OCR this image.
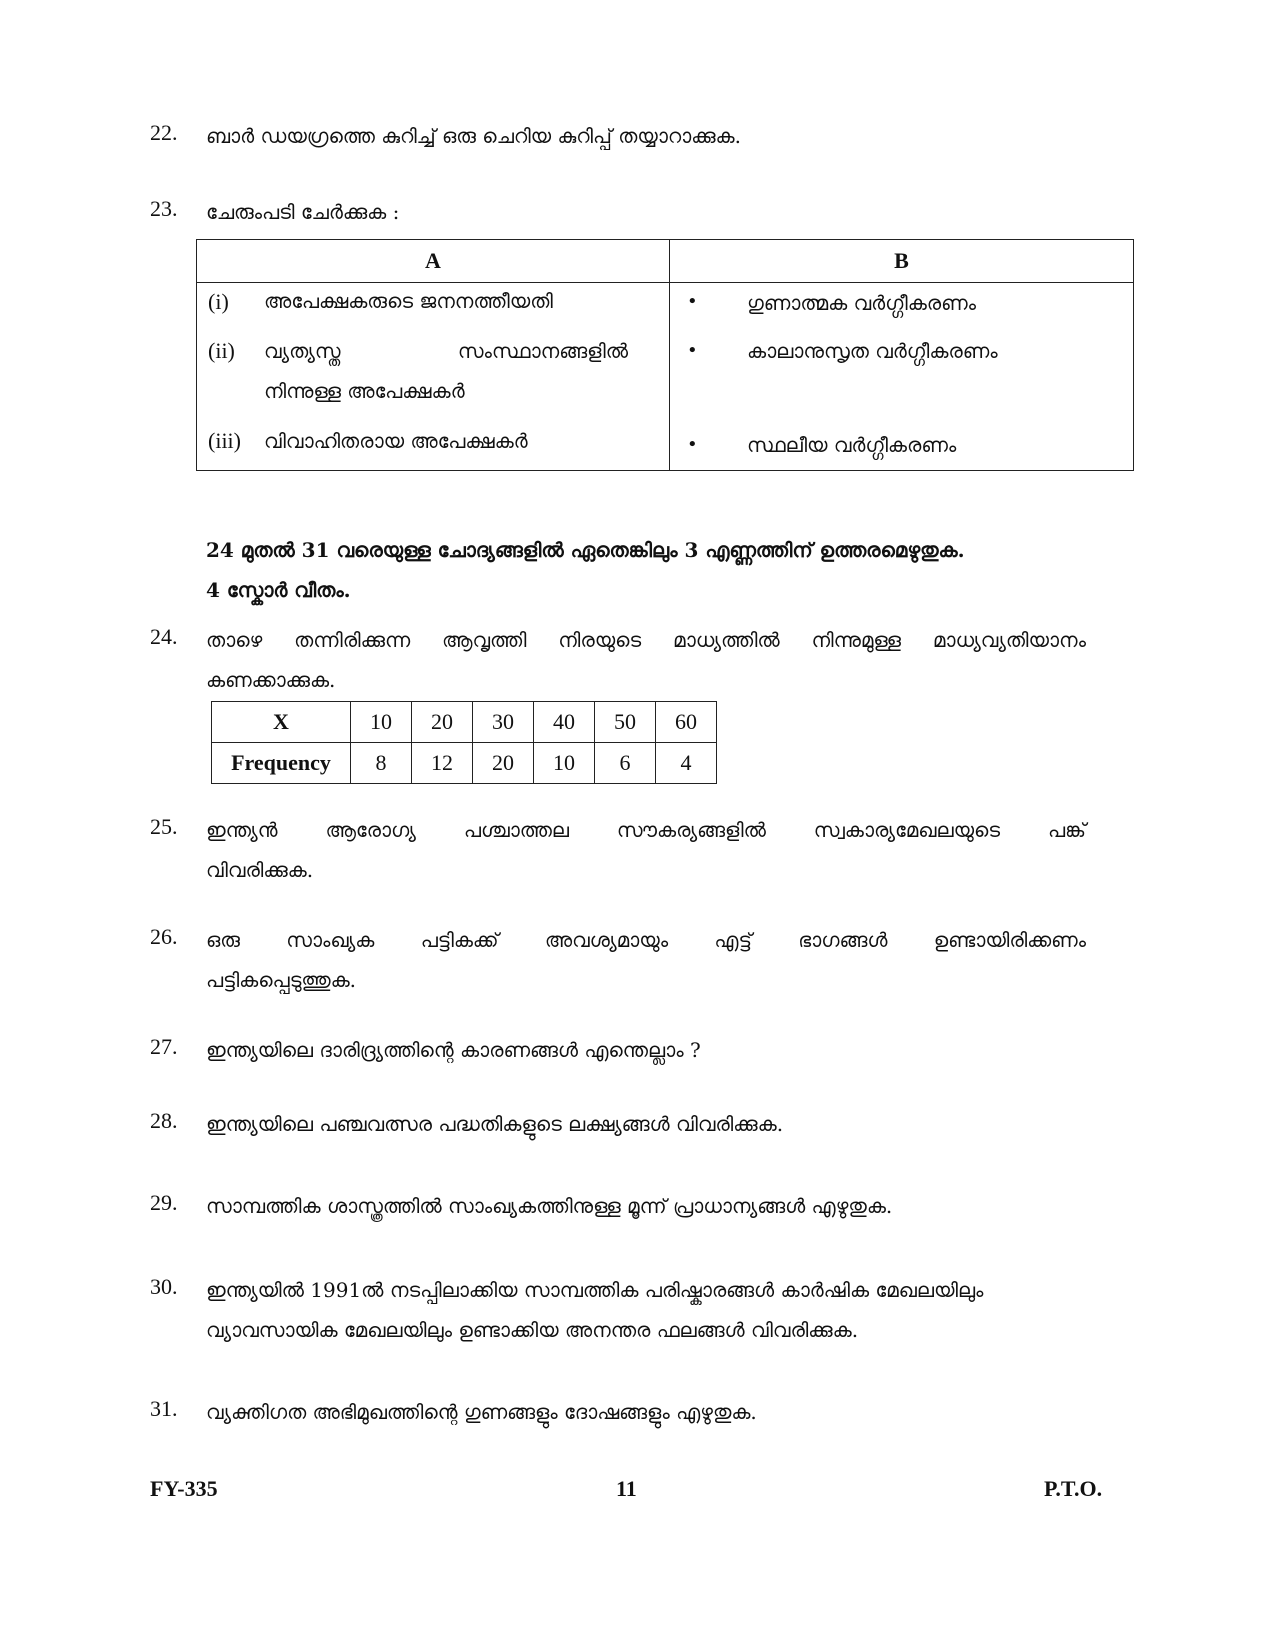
22. ബാർ ഡയഗ്രത്തെ കുറിച്ച് ഒരു ചെറിയ കുറിപ്പ് തയ്യാറാക്കുക.
23. ചേരുംപടി ചേർക്കുക :
A	B

(i) അപേക്ഷകരുടെ ജനനത്തീയതി	• ഗുണാത്മക വർഗ്ഗീകരണം

(ii) വ്യത്യസ്ത സംസ്ഥാനങ്ങളിൽ
നിന്നുള്ള അപേക്ഷകർ	• കാലാനുസൃത വർഗ്ഗീകരണം

(iii) വിവാഹിതരായ അപേക്ഷകർ	• സ്ഥലീയ വർഗ്ഗീകരണം
24 മുതൽ 31 വരെയുള്ള ചോദ്യങ്ങളിൽ ഏതെങ്കിലും 3 എണ്ണത്തിന് ഉത്തരമെഴുതുക.
4 സ്കോർ വീതം.
24. താഴെ തന്നിരിക്കുന്ന ആവൃത്തി നിരയുടെ മാധ്യത്തിൽ നിന്നുമുള്ള മാധ്യവ്യതിയാനം
കണക്കാക്കുക.
X	10	20	30	40	50	60
Frequency	8	12	20	10	6	4
25. ഇന്ത്യൻ ആരോഗ്യ പശ്ചാത്തല സൗകര്യങ്ങളിൽ സ്വകാര്യമേഖലയുടെ പങ്ക്
വിവരിക്കുക.
26. ഒരു സാംഖ്യക പട്ടികക്ക് അവശ്യമായും എട്ട് ഭാഗങ്ങൾ ഉണ്ടായിരിക്കണം
പട്ടികപ്പെടുത്തുക.
27. ഇന്ത്യയിലെ ദാരിദ്ര്യത്തിന്റെ കാരണങ്ങൾ എന്തെല്ലാം ?
28. ഇന്ത്യയിലെ പഞ്ചവത്സര പദ്ധതികളുടെ ലക്ഷ്യങ്ങൾ വിവരിക്കുക.
29. സാമ്പത്തിക ശാസ്ത്രത്തിൽ സാംഖ്യകത്തിനുള്ള മൂന്ന് പ്രാധാന്യങ്ങൾ എഴുതുക.
30. ഇന്ത്യയിൽ 1991ൽ നടപ്പിലാക്കിയ സാമ്പത്തിക പരിഷ്കാരങ്ങൾ കാർഷിക മേഖലയിലും
വ്യാവസായിക മേഖലയിലും ഉണ്ടാക്കിയ അനന്തര ഫലങ്ങൾ വിവരിക്കുക.
31. വ്യക്തിഗത അഭിമുഖത്തിന്റെ ഗുണങ്ങളും ദോഷങ്ങളും എഴുതുക.
FY-335	11	P.T.O.
